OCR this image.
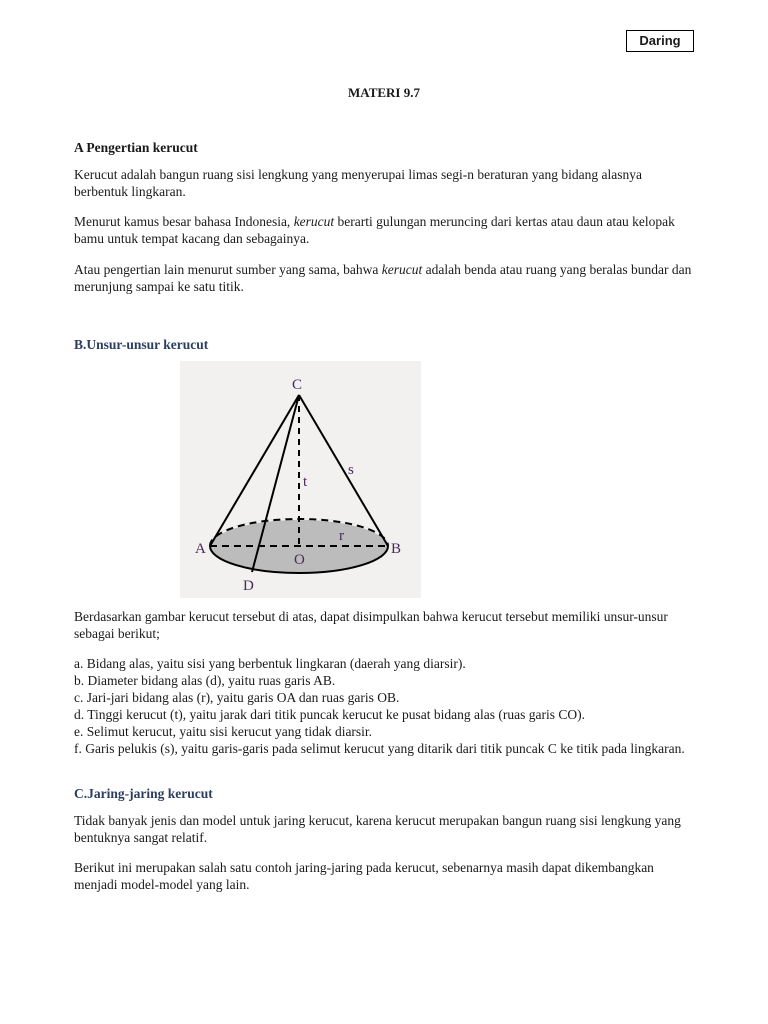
Daring
MATERI 9.7
A Pengertian kerucut
Kerucut adalah bangun ruang sisi lengkung yang menyerupai limas segi-n beraturan yang bidang alasnya berbentuk lingkaran.
Menurut kamus besar bahasa Indonesia, kerucut berarti gulungan meruncing dari kertas atau daun atau kelopak bamu untuk tempat kacang dan sebagainya.
Atau pengertian lain menurut sumber yang sama, bahwa kerucut adalah benda atau ruang yang beralas bundar dan merunjung sampai ke satu titik.
B.Unsur-unsur kerucut
C
A	B
O
D
t
s
r
Berdasarkan gambar kerucut tersebut di atas, dapat disimpulkan bahwa kerucut tersebut memiliki unsur-unsur sebagai berikut;
a. Bidang alas, yaitu sisi yang berbentuk lingkaran (daerah yang diarsir).
b. Diameter bidang alas (d), yaitu ruas garis AB.
c. Jari-jari bidang alas (r), yaitu garis OA dan ruas garis OB.
d. Tinggi kerucut (t), yaitu jarak dari titik puncak kerucut ke pusat bidang alas (ruas garis CO).
e. Selimut kerucut, yaitu sisi kerucut yang tidak diarsir.
f. Garis pelukis (s), yaitu garis-garis pada selimut kerucut yang ditarik dari titik puncak C ke titik pada lingkaran.
C.Jaring-jaring kerucut
Tidak banyak jenis dan model untuk jaring kerucut, karena kerucut merupakan bangun ruang sisi lengkung yang bentuknya sangat relatif.
Berikut ini merupakan salah satu contoh jaring-jaring pada kerucut, sebenarnya masih dapat dikembangkan menjadi model-model yang lain.
